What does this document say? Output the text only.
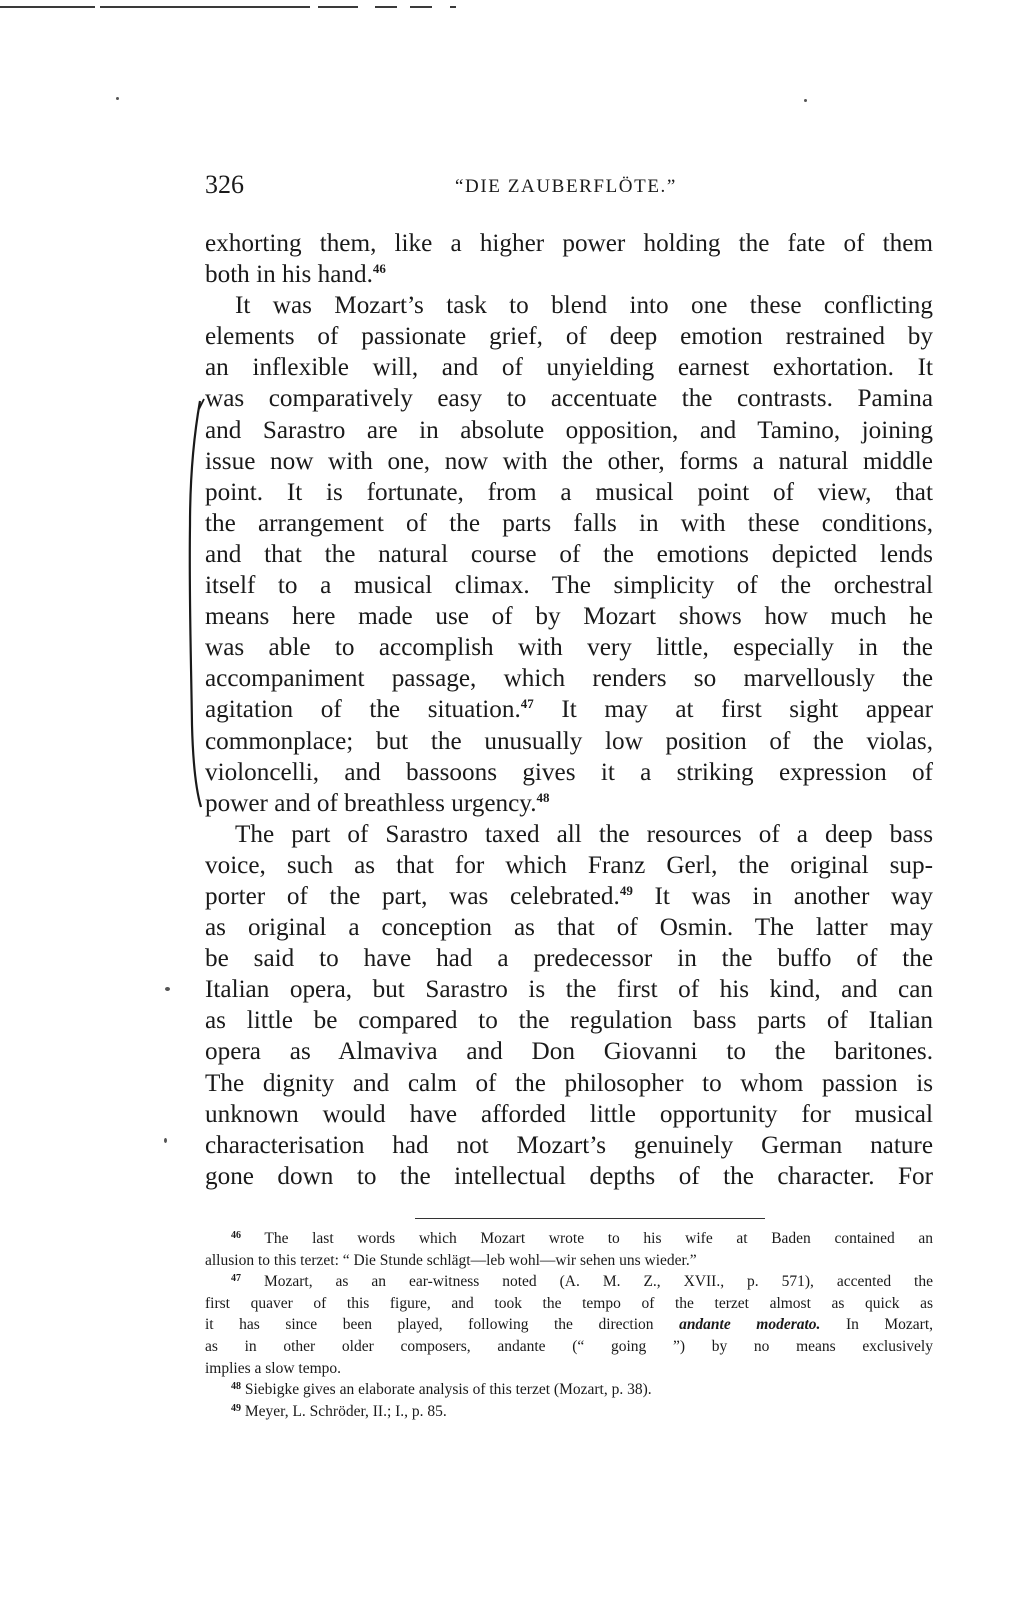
326	“DIE ZAUBERFLÖTE.”
exhorting them, like a higher power holding the fate of them
both in his hand.$^{46}$
It was Mozart’s task to blend into one these conflicting
elements of passionate grief, of deep emotion restrained by
an inflexible will, and of unyielding earnest exhortation. It
was comparatively easy to accentuate the contrasts. Pamina
and Sarastro are in absolute opposition, and Tamino, joining
issue now with one, now with the other, forms a natural middle
point. It is fortunate, from a musical point of view, that
the arrangement of the parts falls in with these conditions,
and that the natural course of the emotions depicted lends
itself to a musical climax. The simplicity of the orchestral
means here made use of by Mozart shows how much he
was able to accomplish with very little, especially in the
accompaniment passage, which renders so marvellously the
agitation of the situation.$^{47}$ It may at first sight appear
commonplace; but the unusually low position of the violas,
violoncelli, and bassoons gives it a striking expression of
power and of breathless urgency.$^{48}$
The part of Sarastro taxed all the resources of a deep bass
voice, such as that for which Franz Gerl, the original sup-
porter of the part, was celebrated.$^{49}$ It was in another way
as original a conception as that of Osmin. The latter may
be said to have had a predecessor in the buffo of the
Italian opera, but Sarastro is the first of his kind, and can
as little be compared to the regulation bass parts of Italian
opera as Almaviva and Don Giovanni to the baritones.
The dignity and calm of the philosopher to whom passion is
unknown would have afforded little opportunity for musical
characterisation had not Mozart’s genuinely German nature
gone down to the intellectual depths of the character. For
$^{46}$ The last words which Mozart wrote to his wife at Baden contained an
allusion to this terzet: “ Die Stunde schlägt—leb wohl—wir sehen uns wieder.”
$^{47}$ Mozart, as an ear-witness noted (A. M. Z., XVII., p. 571), accented the
first quaver of this figure, and took the tempo of the terzet almost as quick as
it has since been played, following the direction andante moderato. In Mozart,
as in other older composers, andante (“ going ”) by no means exclusively
implies a slow tempo.
$^{48}$ Siebigke gives an elaborate analysis of this terzet (Mozart, p. 38).
$^{49}$ Meyer, L. Schröder, II.; I., p. 85.
